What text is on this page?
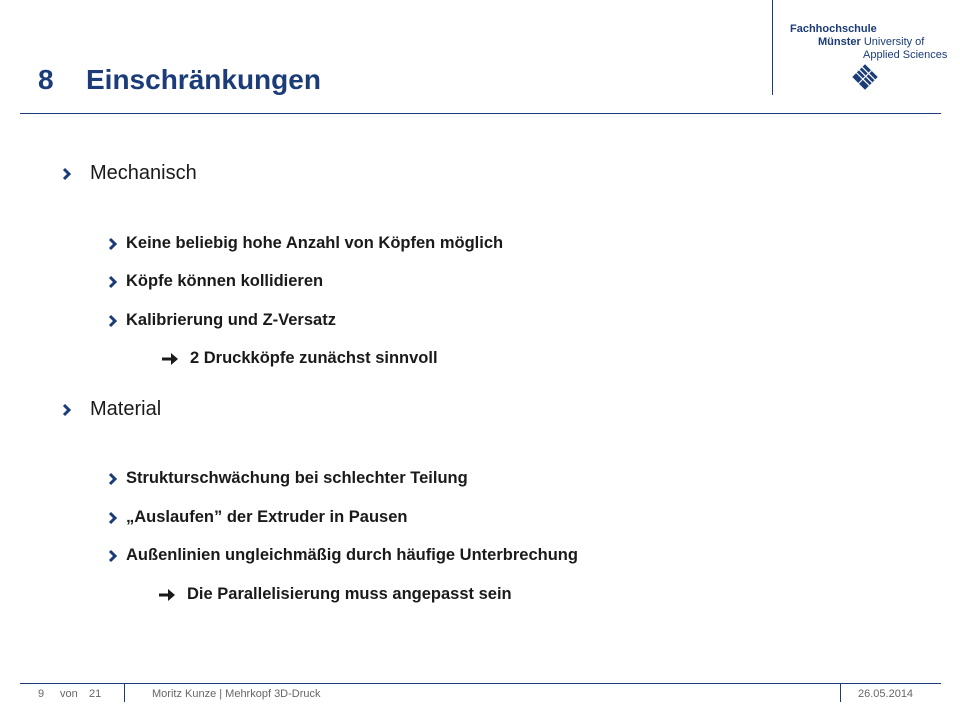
8 Einschränkungen
Fachhochschule
Münster University of
Applied Sciences
Mechanisch
Keine beliebig hohe Anzahl von Köpfen möglich
Köpfe können kollidieren
Kalibrierung und Z-Versatz
2 Druckköpfe zunächst sinnvoll
Material
Strukturschwächung bei schlechter Teilung
„Auslaufen” der Extruder in Pausen
Außenlinien ungleichmäßig durch häufige Unterbrechung
Die Parallelisierung muss angepasst sein
9 von 21	Moritz Kunze | Mehrkopf 3D-Druck	26.05.2014
